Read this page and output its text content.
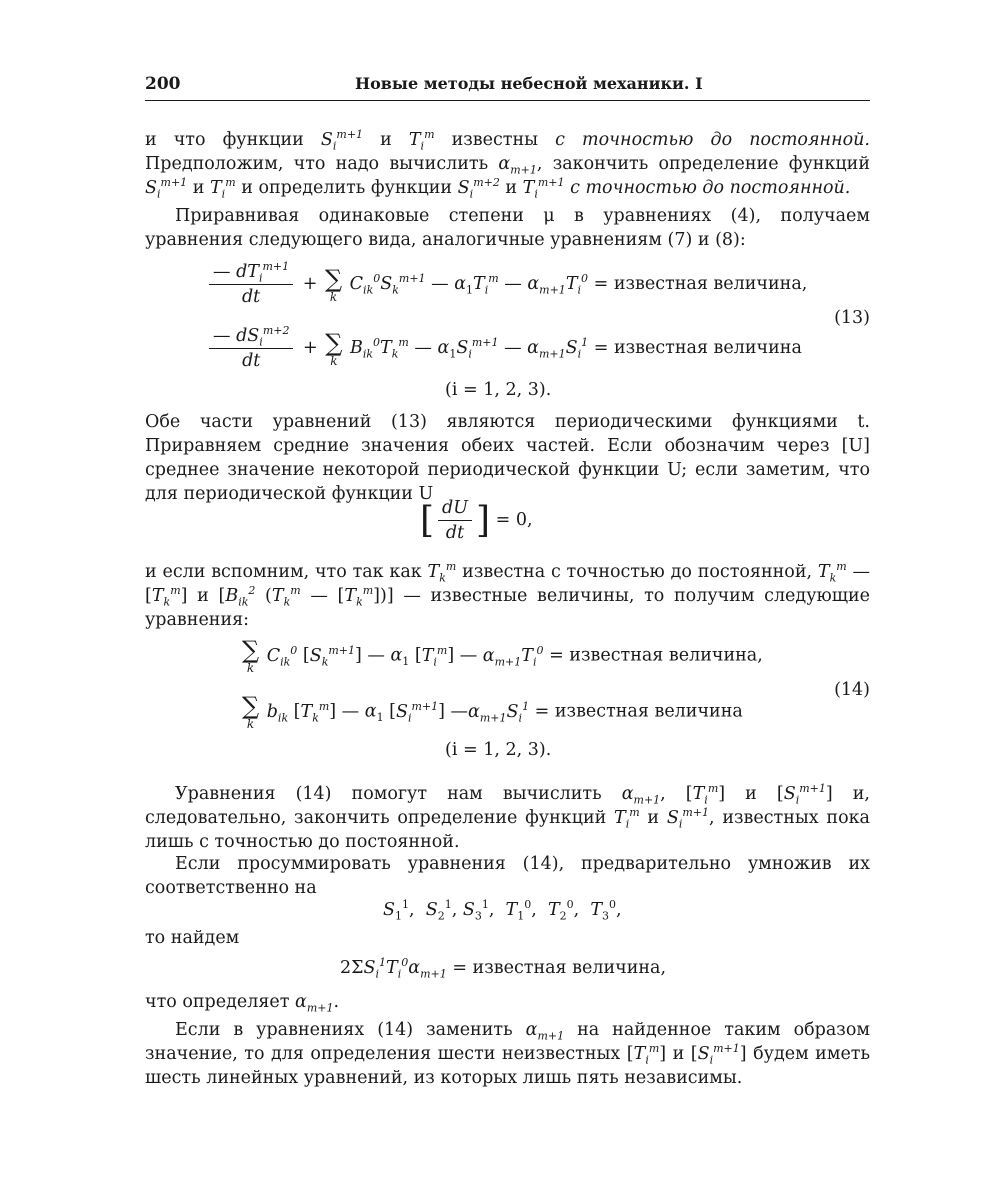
200	Новые методы небесной механики. I
и что функции $S_i^{m+1}$ и $T_i^m$ известны с точностью до постоянной. Предположим, что надо вычислить $\alpha_{m+1}$, закончить определение функций $S_i^{m+1}$ и $T_i^m$ и определить функции $S_i^{m+2}$ и $T_i^{m+1}$ с точностью до постоянной.
Приравнивая одинаковые степени μ в уравнениях (4), получаем уравнения следующего вида, аналогичные уравнениям (7) и (8):
$\frac{— dT_i^{m+1}}{dt}$ + ∑
k
$C_{ik}^0S_k^{m+1}$ — $\alpha_1T_i^m$ — $\alpha_{m+1}T_i^0$ = известная величина,
(13)
$\frac{— dS_i^{m+2}}{dt}$ + ∑
k
$B_{ik}^0T_k^m$ — $\alpha_1S_i^{m+1}$ — $\alpha_{m+1}S_i^1$ = известная величина
(i = 1, 2, 3).
Обе части уравнений (13) являются периодическими функциями t. Приравняем средние значения обеих частей. Если обозначим через [U] среднее значение некоторой периодической функции U; если заметим, что для периодической функции U
[ $\frac{dU}{dt}$ ] = 0,
и если вспомним, что так как $T_k^m$ известна с точностью до постоянной, $T_k^m$ — $[T_k^m]$ и [$B_{ik}^2$ ($T_k^m$ — $[T_k^m]$)] — известные величины, то получим следующие уравнения:
∑
k
$C_{ik}^0$ $[S_k^{m+1}]$ — $\alpha_1$ $[T_i^m]$ — $\alpha_{m+1}T_i^0$ = известная величина,
(14)
∑
k
$b_{ik}$ $[T_k^m]$ — $\alpha_1$ $[S_i^{m+1}]$ $—\alpha_{m+1}S_i^1$ = известная величина
(i = 1, 2, 3).
Уравнения (14) помогут нам вычислить $\alpha_{m+1}$, $[T_i^m]$ и $[S_i^{m+1}]$ и, следовательно, закончить определение функций $T_i^m$ и $S_i^{m+1}$, известных пока лишь с точностью до постоянной.
Если просуммировать уравнения (14), предварительно умножив их соответственно на
$S_1^1$,  $S_2^1$, $S_3^1$,  $T_1^0$,  $T_2^0$,  $T_3^0$,
то найдем
$2\Sigma S_i^1T_i^0\alpha_{m+1}$ = известная величина,
что определяет $\alpha_{m+1}$.
Если в уравнениях (14) заменить $\alpha_{m+1}$ на найденное таким образом значение, то для определения шести неизвестных $[T_i^m]$ и $[S_i^{m+1}]$ будем иметь шесть линейных уравнений, из которых лишь пять независимы.
